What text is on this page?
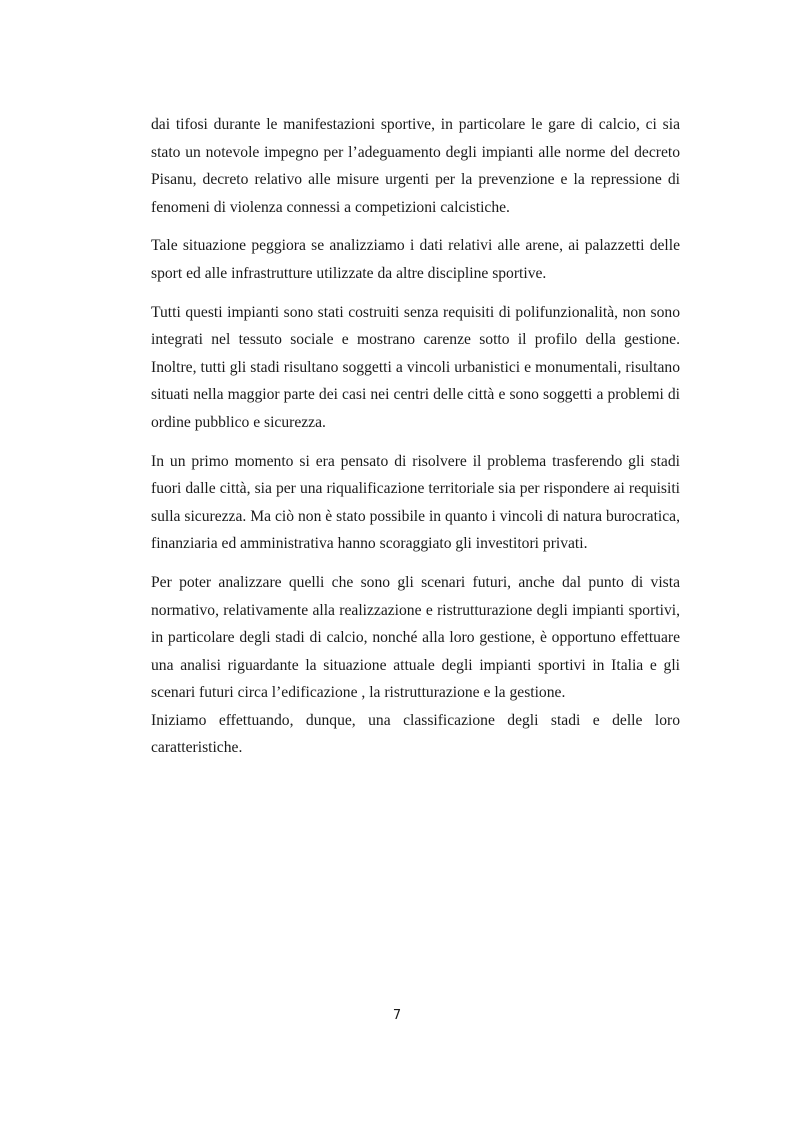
dai tifosi durante le manifestazioni sportive, in particolare le gare di calcio, ci sia stato un notevole impegno per l’adeguamento degli impianti alle norme del decreto Pisanu, decreto relativo alle misure urgenti per la prevenzione e la repressione di fenomeni di violenza connessi a competizioni calcistiche.

Tale situazione peggiora se analizziamo i dati relativi alle arene, ai palazzetti delle sport ed alle infrastrutture utilizzate da altre discipline sportive.

Tutti questi impianti sono stati costruiti senza requisiti di polifunzionalità, non sono integrati nel tessuto sociale e mostrano carenze sotto il profilo della gestione. Inoltre, tutti gli stadi risultano soggetti a vincoli urbanistici e monumentali, risultano situati nella maggior parte dei casi nei centri delle città e sono soggetti a problemi di ordine pubblico e sicurezza.

In un primo momento si era pensato di risolvere il problema trasferendo gli stadi fuori dalle città, sia per una riqualificazione territoriale sia per rispondere ai requisiti sulla sicurezza. Ma ciò non è stato possibile in quanto i vincoli di natura burocratica, finanziaria ed amministrativa hanno scoraggiato gli investitori privati.

Per poter analizzare quelli che sono gli scenari futuri, anche dal punto di vista normativo, relativamente alla realizzazione e ristrutturazione degli impianti sportivi, in particolare degli stadi di calcio, nonché alla loro gestione, è opportuno effettuare una analisi riguardante la situazione attuale degli impianti sportivi in Italia e gli scenari futuri circa l’edificazione , la ristrutturazione e la gestione.

Iniziamo effettuando, dunque, una classificazione degli stadi e delle loro caratteristiche.

7
